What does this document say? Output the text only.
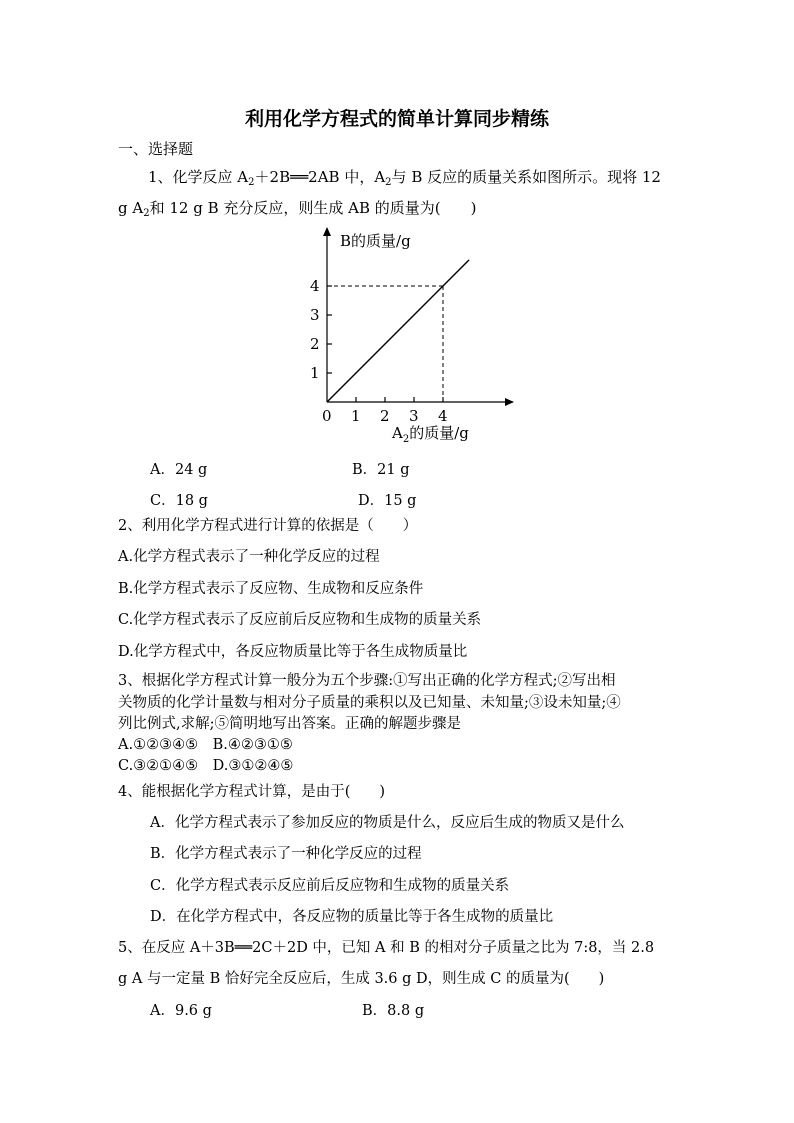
利用化学方程式的简单计算同步精练
一、选择题
1、化学反应 $A_2+2B══2AB$ 中，$A_2$与 B 反应的质量关系如图所示。现将 12
g $A_2$和 12 g B 充分反应，则生成 AB 的质量为(　　)
B的质量/g
$A_2$的质量/g
0 1 2 3 4
1
2
3
4
A．24 g	B．21 g
C．18 g	D．15 g
2、利用化学方程式进行计算的依据是（　　）
A.化学方程式表示了一种化学反应的过程
B.化学方程式表示了反应物、生成物和反应条件
C.化学方程式表示了反应前后反应物和生成物的质量关系
D.化学方程式中，各反应物质量比等于各生成物质量比
3、根据化学方程式计算一般分为五个步骤:①写出正确的化学方程式;②写出相
关物质的化学计量数与相对分子质量的乘积以及已知量、未知量;③设未知量;④
列比例式,求解;⑤简明地写出答案。正确的解题步骤是
A.①②③④⑤　B.④②③①⑤
C.③②①④⑤　D.③①②④⑤
4、能根据化学方程式计算，是由于(　　)
A．化学方程式表示了参加反应的物质是什么，反应后生成的物质又是什么
B．化学方程式表示了一种化学反应的过程
C．化学方程式表示反应前后反应物和生成物的质量关系
D．在化学方程式中，各反应物的质量比等于各生成物的质量比
5、在反应 A＋3B══2C＋2D 中，已知 A 和 B 的相对分子质量之比为 7:8，当 2.8
g A 与一定量 B 恰好完全反应后，生成 3.6 g D，则生成 C 的质量为(　　)
A．9.6 g	B．8.8 g
